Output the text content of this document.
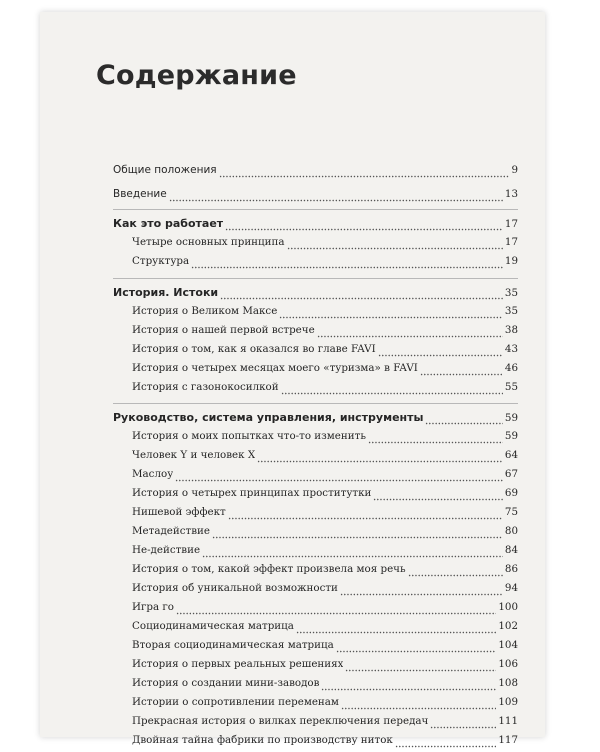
Содержание
Общие положения	9
Введение	13
Как это работает	17
Четыре основных принципа	17
Структура	19
История. Истоки	35
История о Великом Максе	35
История о нашей первой встрече	38
История о том, как я оказался во главе FAVI	43
История о четырех месяцах моего «туризма» в FAVI	46
История с газонокосилкой	55
Руководство, система управления, инструменты	59
История о моих попытках что-то изменить	59
Человек Y и человек X	64
Маслоу	67
История о четырех принципах проститутки	69
Нишевой эффект	75
Метадействие	80
Не-действие	84
История о том, какой эффект произвела моя речь	86
История об уникальной возможности	94
Игра го	100
Социодинамическая матрица	102
Вторая социодинамическая матрица	104
История о первых реальных решениях	106
История о создании мини-заводов	108
Истории о сопротивлении переменам	109
Прекрасная история о вилках переключения передач	111
Двойная тайна фабрики по производству ниток	117
